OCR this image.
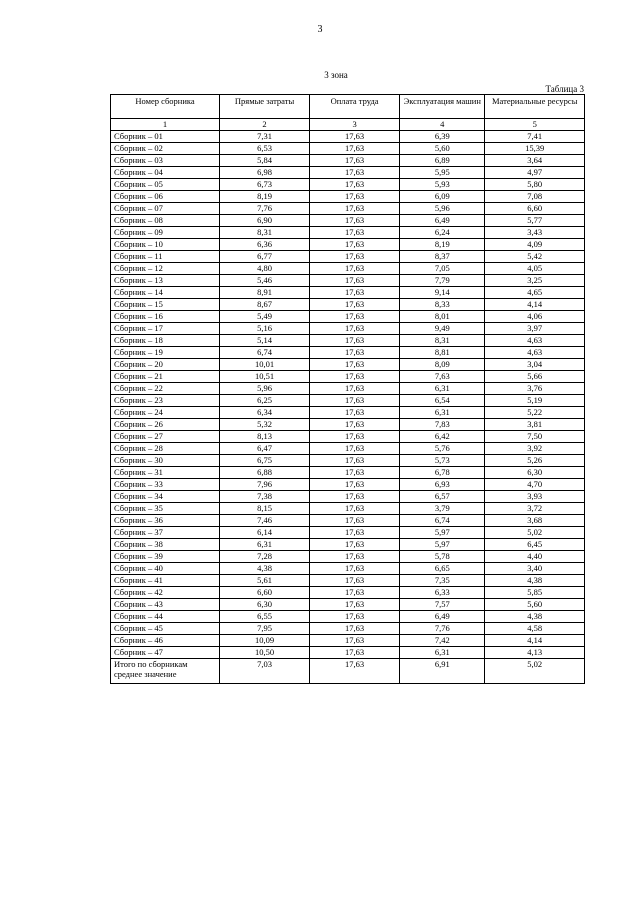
3
3 зона
Таблица 3
Номер сборника	Прямые затраты	Оплата труда	Эксплуатация машин	Материальные ресурсы
1	2	3	4	5
Сборник – 01	7,31	17,63	6,39	7,41
Сборник – 02	6,53	17,63	5,60	15,39
Сборник – 03	5,84	17,63	6,89	3,64
Сборник – 04	6,98	17,63	5,95	4,97
Сборник – 05	6,73	17,63	5,93	5,80
Сборник – 06	8,19	17,63	6,09	7,08
Сборник – 07	7,76	17,63	5,96	6,60
Сборник – 08	6,90	17,63	6,49	5,77
Сборник – 09	8,31	17,63	6,24	3,43
Сборник – 10	6,36	17,63	8,19	4,09
Сборник – 11	6,77	17,63	8,37	5,42
Сборник – 12	4,80	17,63	7,05	4,05
Сборник – 13	5,46	17,63	7,79	3,25
Сборник – 14	8,91	17,63	9,14	4,65
Сборник – 15	8,67	17,63	8,33	4,14
Сборник – 16	5,49	17,63	8,01	4,06
Сборник – 17	5,16	17,63	9,49	3,97
Сборник – 18	5,14	17,63	8,31	4,63
Сборник – 19	6,74	17,63	8,81	4,63
Сборник – 20	10,01	17,63	8,09	3,04
Сборник – 21	10,51	17,63	7,63	5,66
Сборник – 22	5,96	17,63	6,31	3,76
Сборник – 23	6,25	17,63	6,54	5,19
Сборник – 24	6,34	17,63	6,31	5,22
Сборник – 26	5,32	17,63	7,83	3,81
Сборник – 27	8,13	17,63	6,42	7,50
Сборник – 28	6,47	17,63	5,76	3,92
Сборник – 30	6,75	17,63	5,73	5,26
Сборник – 31	6,88	17,63	6,78	6,30
Сборник – 33	7,96	17,63	6,93	4,70
Сборник – 34	7,38	17,63	6,57	3,93
Сборник – 35	8,15	17,63	3,79	3,72
Сборник – 36	7,46	17,63	6,74	3,68
Сборник – 37	6,14	17,63	5,97	5,02
Сборник – 38	6,31	17,63	5,97	6,45
Сборник – 39	7,28	17,63	5,78	4,40
Сборник – 40	4,38	17,63	6,65	3,40
Сборник – 41	5,61	17,63	7,35	4,38
Сборник – 42	6,60	17,63	6,33	5,85
Сборник – 43	6,30	17,63	7,57	5,60
Сборник – 44	6,55	17,63	6,49	4,38
Сборник – 45	7,95	17,63	7,76	4,58
Сборник – 46	10,09	17,63	7,42	4,14
Сборник – 47	10,50	17,63	6,31	4,13
Итого по сборникам среднее значение	7,03	17,63	6,91	5,02
